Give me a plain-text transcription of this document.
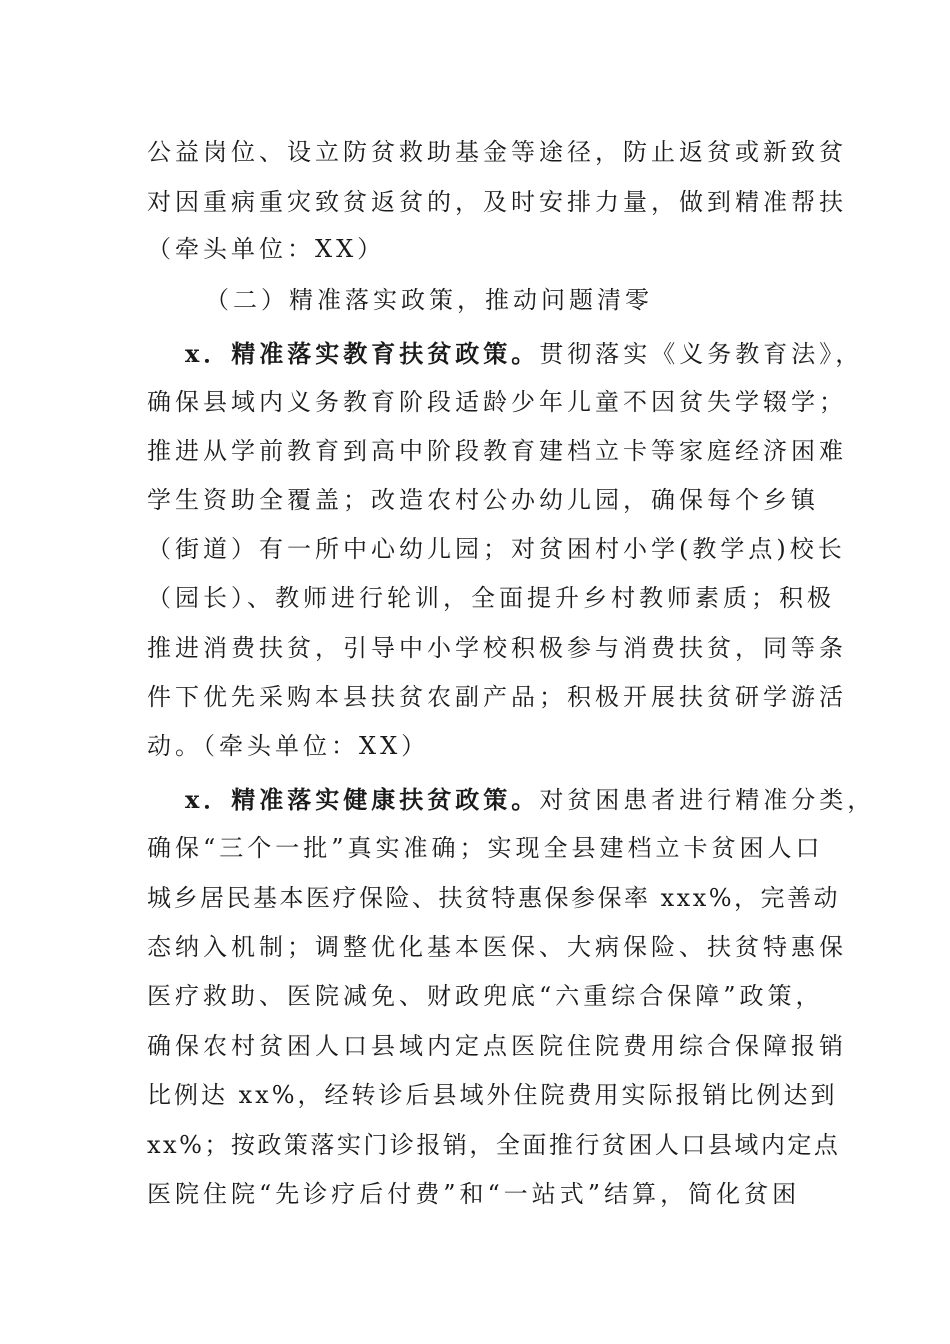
公益岗位、设立防贫救助基金等途径，防止返贫或新致贫
对因重病重灾致贫返贫的，及时安排力量，做到精准帮扶
（牵头单位：XX）
（二）精准落实政策，推动问题清零
x．精准落实教育扶贫政策。贯彻落实《义务教育法》，
确保县域内义务教育阶段适龄少年儿童不因贫失学辍学；
推进从学前教育到高中阶段教育建档立卡等家庭经济困难
学生资助全覆盖；改造农村公办幼儿园，确保每个乡镇
（街道）有一所中心幼儿园；对贫困村小学(教学点)校长
（园长）、教师进行轮训，全面提升乡村教师素质；积极
推进消费扶贫，引导中小学校积极参与消费扶贫，同等条
件下优先采购本县扶贫农副产品；积极开展扶贫研学游活
动。（牵头单位：XX）
x．精准落实健康扶贫政策。对贫困患者进行精准分类，
确保“三个一批”真实准确；实现全县建档立卡贫困人口
城乡居民基本医疗保险、扶贫特惠保参保率 xxx%，完善动
态纳入机制；调整优化基本医保、大病保险、扶贫特惠保
医疗救助、医院减免、财政兜底“六重综合保障”政策，
确保农村贫困人口县域内定点医院住院费用综合保障报销
比例达 xx%，经转诊后县域外住院费用实际报销比例达到
xx%；按政策落实门诊报销，全面推行贫困人口县域内定点
医院住院“先诊疗后付费”和“一站式”结算，简化贫困
